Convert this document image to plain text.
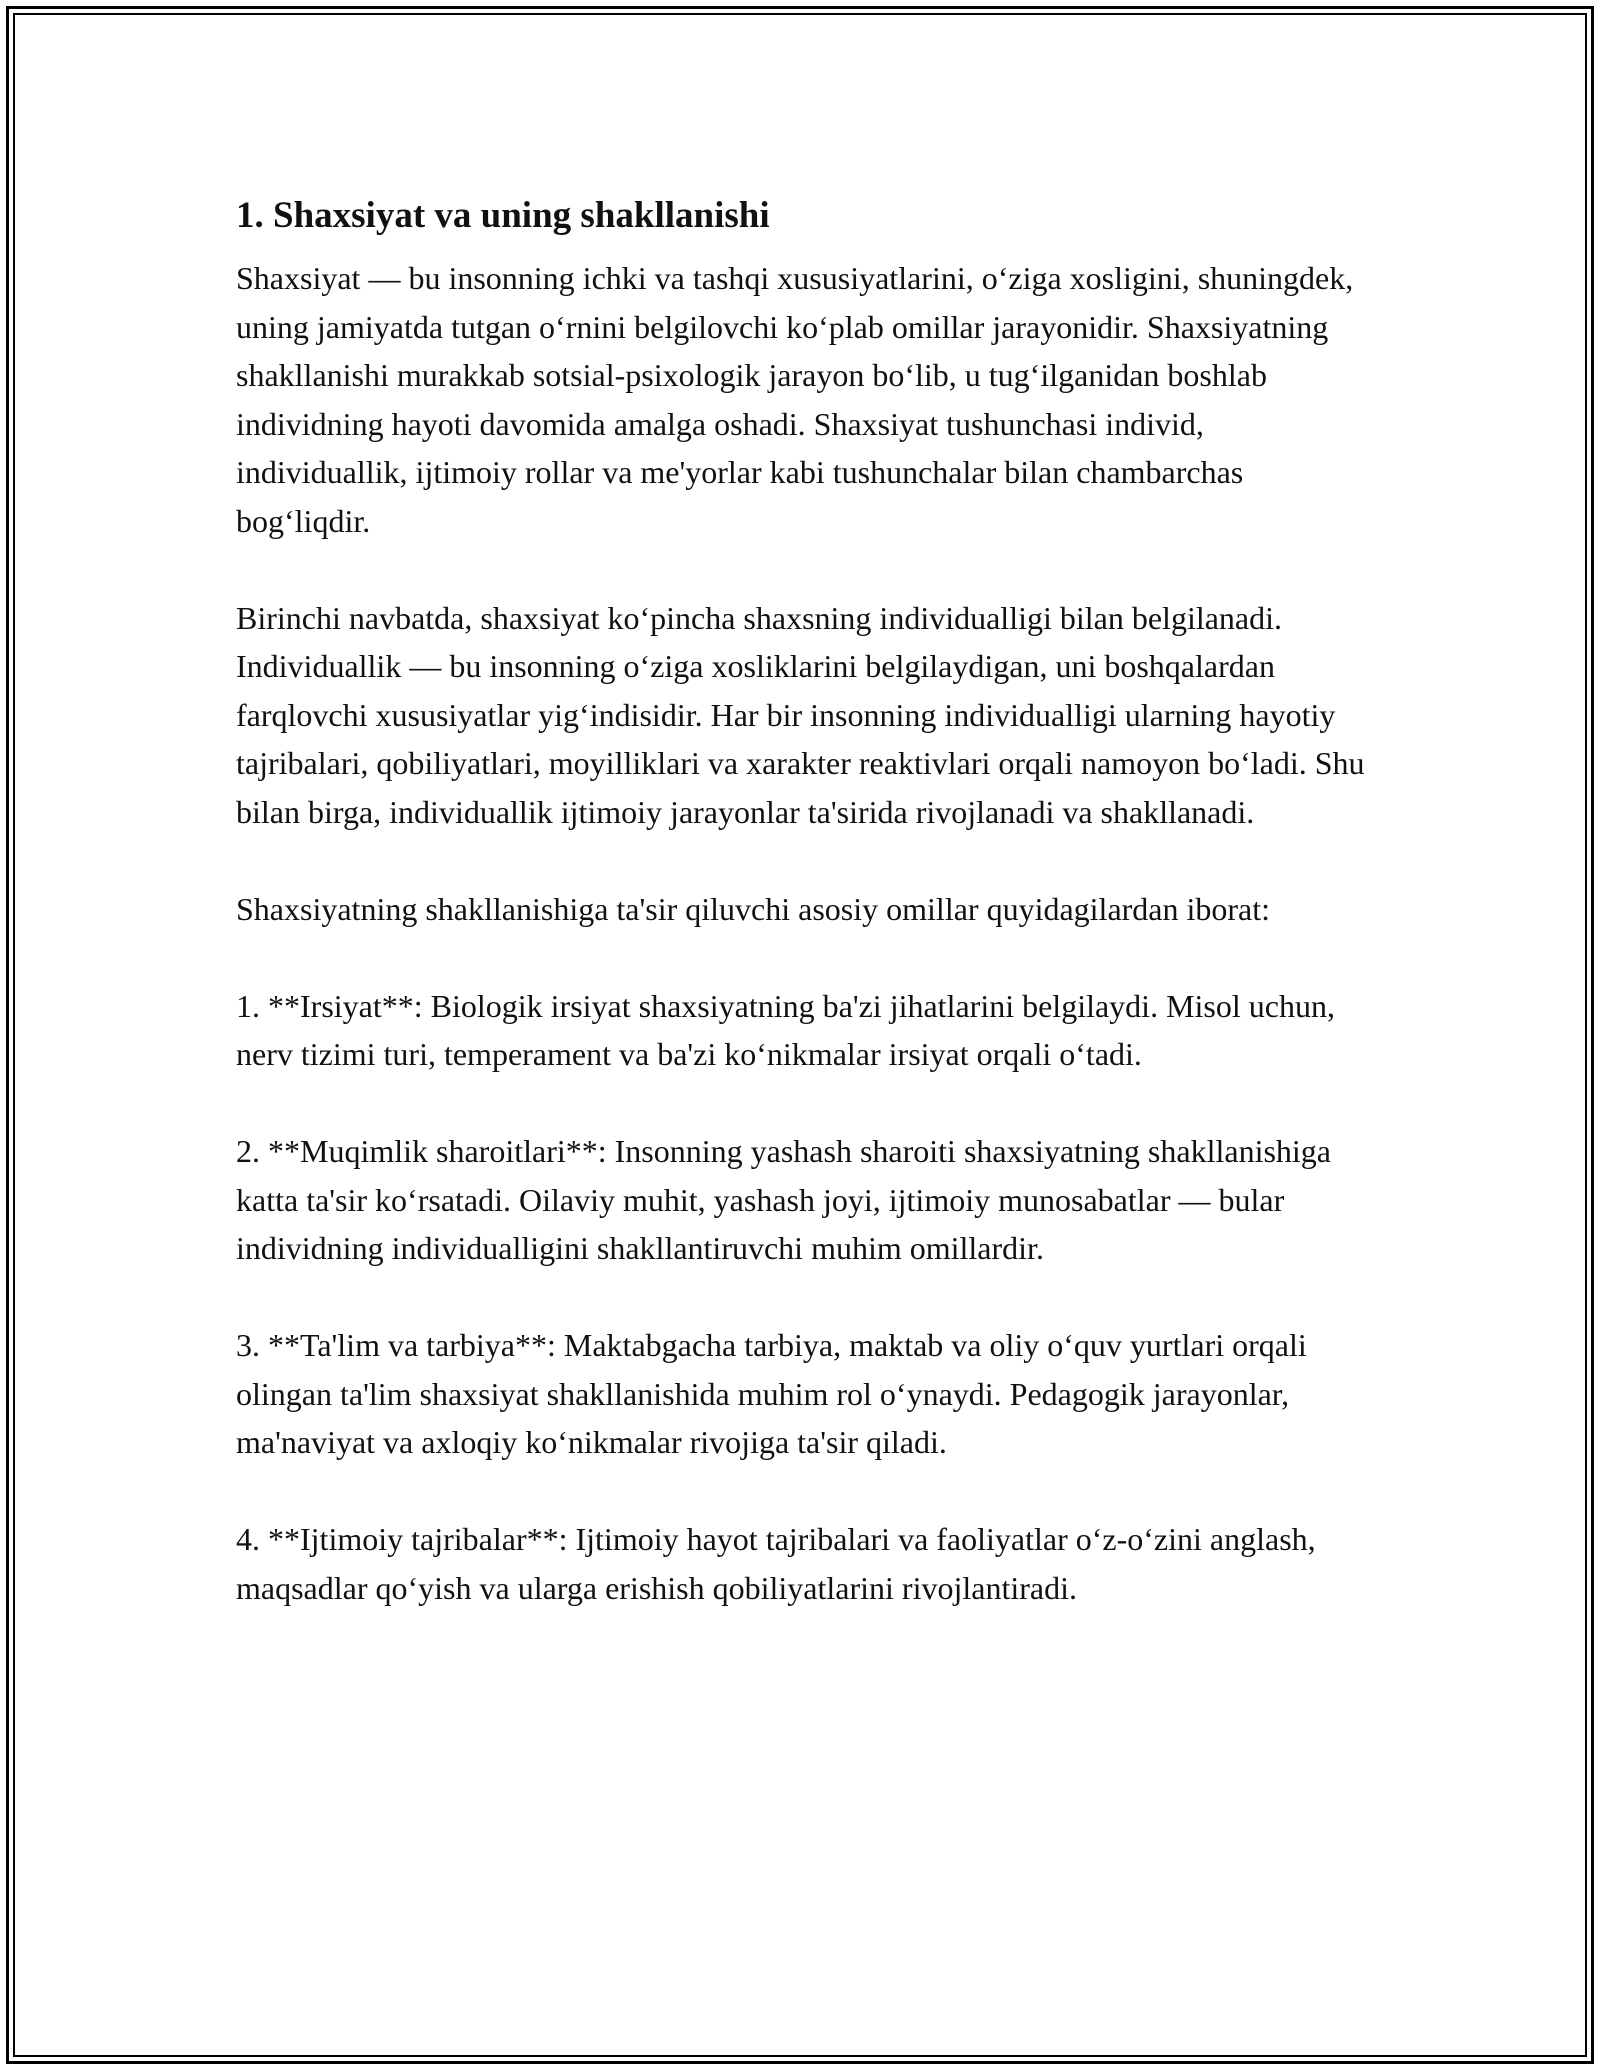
1. Shaxsiyat va uning shakllanishi

Shaxsiyat — bu insonning ichki va tashqi xususiyatlarini, o‘ziga xosligini, shuningdek, uning jamiyatda tutgan o‘rnini belgilovchi ko‘plab omillar jarayonidir. Shaxsiyatning shakllanishi murakkab sotsial-psixologik jarayon bo‘lib, u tug‘ilganidan boshlab individning hayoti davomida amalga oshadi. Shaxsiyat tushunchasi individ, individuallik, ijtimoiy rollar va me'yorlar kabi tushunchalar bilan chambarchas bog‘liqdir.

Birinchi navbatda, shaxsiyat ko‘pincha shaxsning individualligi bilan belgilanadi. Individuallik — bu insonning o‘ziga xosliklarini belgilaydigan, uni boshqalardan farqlovchi xususiyatlar yig‘indisidir. Har bir insonning individualligi ularning hayotiy tajribalari, qobiliyatlari, moyilliklari va xarakter reaktivlari orqali namoyon bo‘ladi. Shu bilan birga, individuallik ijtimoiy jarayonlar ta'sirida rivojlanadi va shakllanadi.

Shaxsiyatning shakllanishiga ta'sir qiluvchi asosiy omillar quyidagilardan iborat:

1. **Irsiyat**: Biologik irsiyat shaxsiyatning ba'zi jihatlarini belgilaydi. Misol uchun, nerv tizimi turi, temperament va ba'zi ko‘nikmalar irsiyat orqali o‘tadi.

2. **Muqimlik sharoitlari**: Insonning yashash sharoiti shaxsiyatning shakllanishiga katta ta'sir ko‘rsatadi. Oilaviy muhit, yashash joyi, ijtimoiy munosabatlar — bular individning individualligini shakllantiruvchi muhim omillardir.

3. **Ta'lim va tarbiya**: Maktabgacha tarbiya, maktab va oliy o‘quv yurtlari orqali olingan ta'lim shaxsiyat shakllanishida muhim rol o‘ynaydi. Pedagogik jarayonlar, ma'naviyat va axloqiy ko‘nikmalar rivojiga ta'sir qiladi.

4. **Ijtimoiy tajribalar**: Ijtimoiy hayot tajribalari va faoliyatlar o‘z-o‘zini anglash, maqsadlar qo‘yish va ularga erishish qobiliyatlarini rivojlantiradi.
